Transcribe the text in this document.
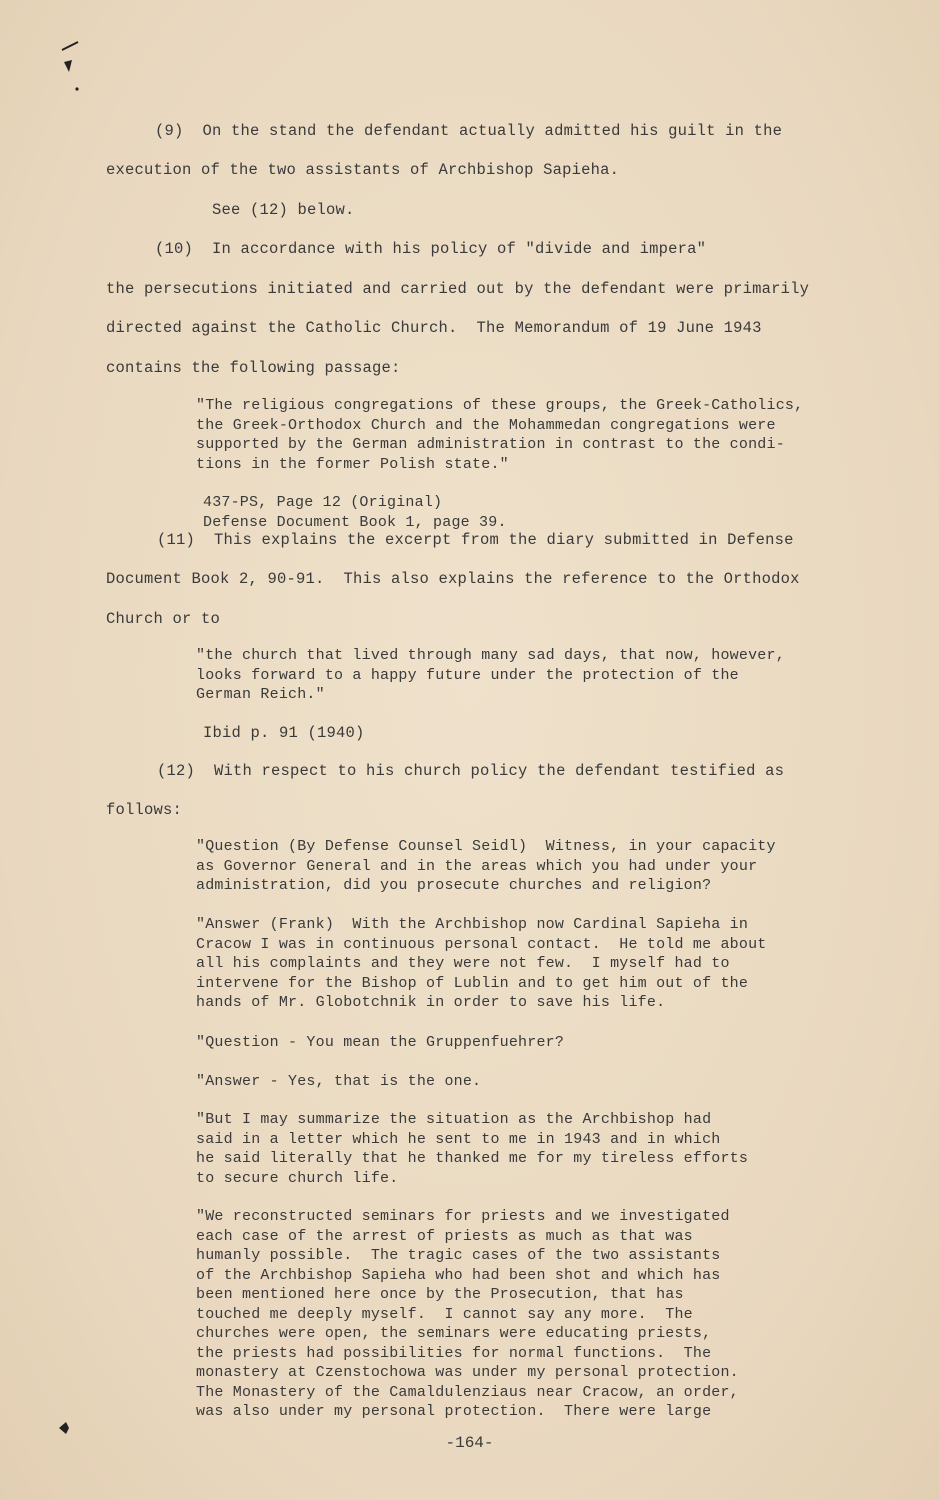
(9)  On the stand the defendant actually admitted his guilt in the
execution of the two assistants of Archbishop Sapieha.
See (12) below.
(10)  In accordance with his policy of "divide and impera"
the persecutions initiated and carried out by the defendant were primarily
directed against the Catholic Church.  The Memorandum of 19 June 1943
contains the following passage:
"The religious congregations of these groups, the Greek-Catholics,
the Greek-Orthodox Church and the Mohammedan congregations were
supported by the German administration in contrast to the condi-
tions in the former Polish state."
437-PS, Page 12 (Original)
Defense Document Book 1, page 39.
(11)  This explains the excerpt from the diary submitted in Defense
Document Book 2, 90-91.  This also explains the reference to the Orthodox
Church or to
"the church that lived through many sad days, that now, however,
looks forward to a happy future under the protection of the
German Reich."
Ibid p. 91 (1940)
(12)  With respect to his church policy the defendant testified as
follows:
"Question (By Defense Counsel Seidl)  Witness, in your capacity
as Governor General and in the areas which you had under your
administration, did you prosecute churches and religion?
"Answer (Frank)  With the Archbishop now Cardinal Sapieha in
Cracow I was in continuous personal contact.  He told me about
all his complaints and they were not few.  I myself had to
intervene for the Bishop of Lublin and to get him out of the
hands of Mr. Globotchnik in order to save his life.
"Question - You mean the Gruppenfuehrer?
"Answer - Yes, that is the one.
"But I may summarize the situation as the Archbishop had
said in a letter which he sent to me in 1943 and in which
he said literally that he thanked me for my tireless efforts
to secure church life.
"We reconstructed seminars for priests and we investigated
each case of the arrest of priests as much as that was
humanly possible.  The tragic cases of the two assistants
of the Archbishop Sapieha who had been shot and which has
been mentioned here once by the Prosecution, that has
touched me deeply myself.  I cannot say any more.  The
churches were open, the seminars were educating priests,
the priests had possibilities for normal functions.  The
monastery at Czenstochowa was under my personal protection.
The Monastery of the Camaldulenziaus near Cracow, an order,
was also under my personal protection.  There were large
-164-
